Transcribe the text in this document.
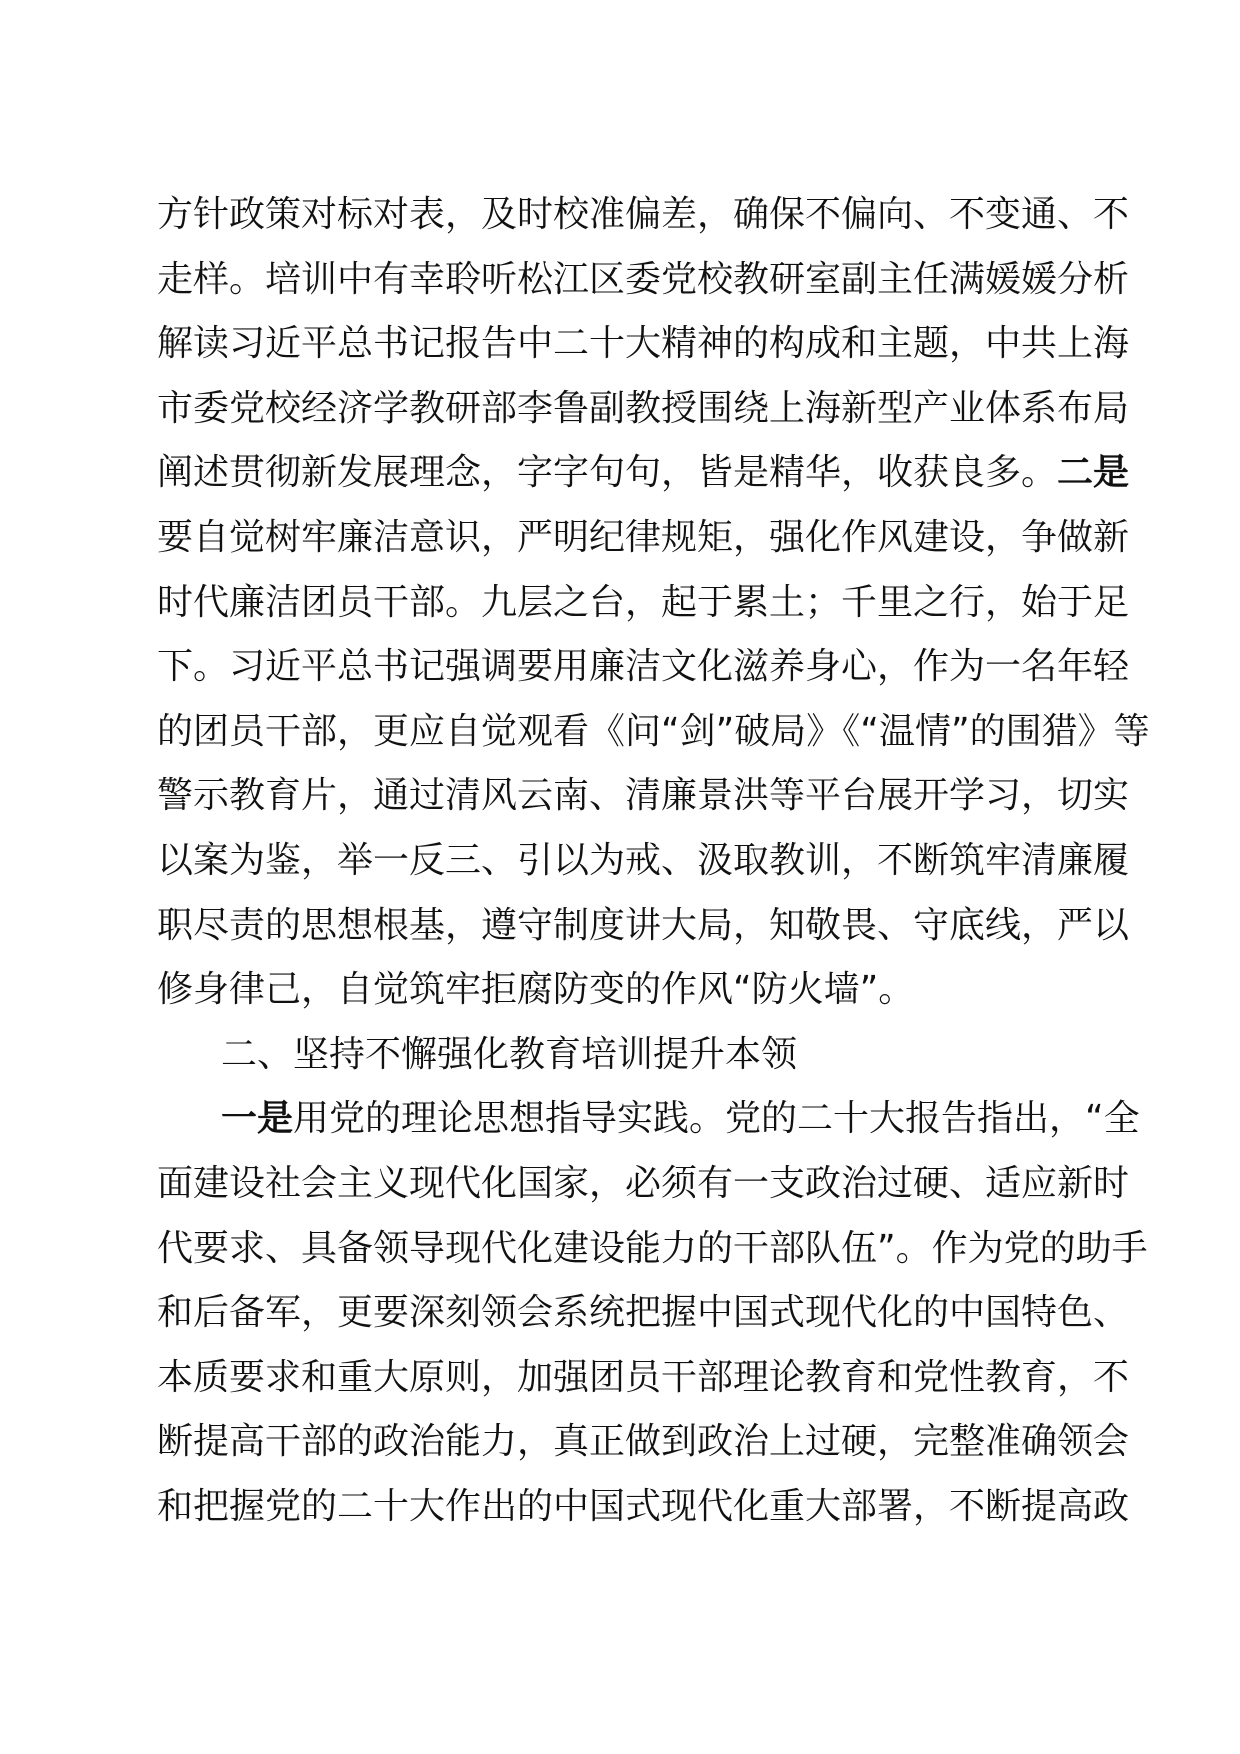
方针政策对标对表，及时校准偏差，确保不偏向、不变通、不
走样。培训中有幸聆听松江区委党校教研室副主任满媛媛分析
解读习近平总书记报告中二十大精神的构成和主题，中共上海
市委党校经济学教研部李鲁副教授围绕上海新型产业体系布局
阐述贯彻新发展理念，字字句句，皆是精华，收获良多。二是
要自觉树牢廉洁意识，严明纪律规矩，强化作风建设，争做新
时代廉洁团员干部。九层之台，起于累土；千里之行，始于足
下。习近平总书记强调要用廉洁文化滋养身心，作为一名年轻
的团员干部，更应自觉观看《问“剑”破局》《“温情”的围猎》等
警示教育片，通过清风云南、清廉景洪等平台展开学习，切实
以案为鉴，举一反三、引以为戒、汲取教训，不断筑牢清廉履
职尽责的思想根基，遵守制度讲大局，知敬畏、守底线，严以
修身律己，自觉筑牢拒腐防变的作风“防火墙”。
二、坚持不懈强化教育培训提升本领
一是用党的理论思想指导实践。党的二十大报告指出，“全
面建设社会主义现代化国家，必须有一支政治过硬、适应新时
代要求、具备领导现代化建设能力的干部队伍”。作为党的助手
和后备军，更要深刻领会系统把握中国式现代化的中国特色、
本质要求和重大原则，加强团员干部理论教育和党性教育，不
断提高干部的政治能力，真正做到政治上过硬，完整准确领会
和把握党的二十大作出的中国式现代化重大部署，不断提高政
